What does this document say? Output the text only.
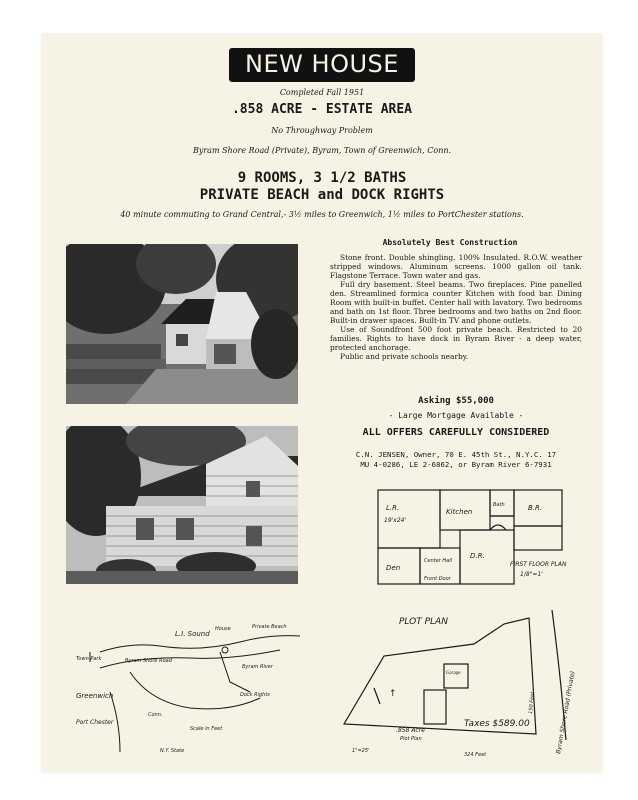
NEW HOUSE
Completed Fall 1951
.858 ACRE - ESTATE AREA
No Throughway Problem
Byram Shore Road (Private), Byram, Town of Greenwich, Conn.
9 ROOMS, 3 1/2 BATHS
PRIVATE BEACH and DOCK RIGHTS
40 minute commuting to Grand Central,- 3½ miles to Greenwich, 1½ miles to PortChester stations.
Absolutely Best Construction

Stone front. Double shingling. 100% Insulated. R.O.W. weather stripped windows. Aluminum screens. 1000 gallon oil tank. Flagstone Terrace. Town water and gas.

Full dry basement. Steel beams. Two fireplaces. Pine panelled den. Streamlined formica counter Kitchen with food bar. Dining Room with built-in buffet. Center hall with lavatory. Two bedrooms and bath on 1st floor. Three bedrooms and two baths on 2nd floor. Built-in drawer spaces. Built-in TV and phone outlets.

Use of Soundfront 500 foot private beach. Restricted to 20 families. Rights to have dock in Byram River - a deep water, protected anchorage.

Public and private schools nearby.

Asking $55,000
- Large Mortgage Available -
ALL OFFERS CAREFULLY CONSIDERED
C.N. JENSEN, Owner, 70 E. 45th St., N.Y.C. 17
MU 4-0286, LE 2-6862, or Byram River 6-7931
L.R.
19'x24'
Kitchen
Bath	B.R.
D.R.
Den
Center Hall
Front Door
FIRST FLOOR PLAN
1/8"=1'
L.I. Sound
House	Private Beach
Byram Shore Road
Town Park
Byram River
Greenwich
Port Chester
Dock Rights
Scale in Feet
N.Y. State
Conn.
PLOT PLAN
.858 Acre
Plot Plan
Taxes $589.00	Byram Shore Road (Private)
1"=25'
324 Feet
Garage
150 Feet
↑
